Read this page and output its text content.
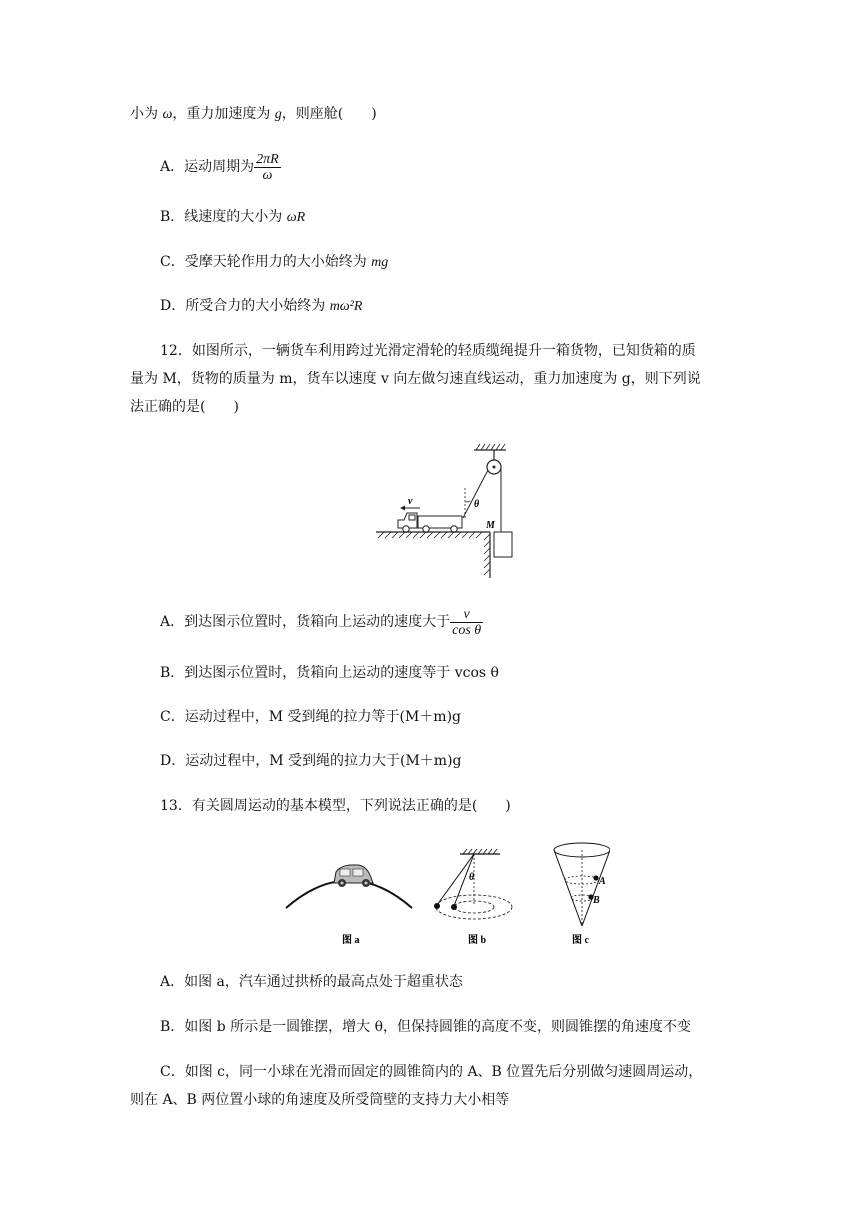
小为 ω，重力加速度为 g，则座舱(　　)
A．运动周期为 $\frac{2\pi R}{\omega}$
B．线速度的大小为 ωR
C．受摩天轮作用力的大小始终为 mg
D．所受合力的大小始终为 mω²R
12．如图所示，一辆货车利用跨过光滑定滑轮的轻质缆绳提升一箱货物，已知货箱的质
量为 M，货物的质量为 m，货车以速度 v 向左做匀速直线运动，重力加速度为 g，则下列说
法正确的是(　　)
θ
v
M
A．到达图示位置时，货箱向上运动的速度大于 $\frac{v}{\text{cos θ}}$
B．到达图示位置时，货箱向上运动的速度等于 vcos θ
C．运动过程中，M 受到绳的拉力等于(M＋m)g
D．运动过程中，M 受到绳的拉力大于(M＋m)g
13．有关圆周运动的基本模型，下列说法正确的是(　　)
图 a
θ
图 b
A
B
图 c
A．如图 a，汽车通过拱桥的最高点处于超重状态
B．如图 b 所示是一圆锥摆，增大 θ，但保持圆锥的高度不变，则圆锥摆的角速度不变
C．如图 c，同一小球在光滑而固定的圆锥筒内的 A、B 位置先后分别做匀速圆周运动，
则在 A、B 两位置小球的角速度及所受筒壁的支持力大小相等
